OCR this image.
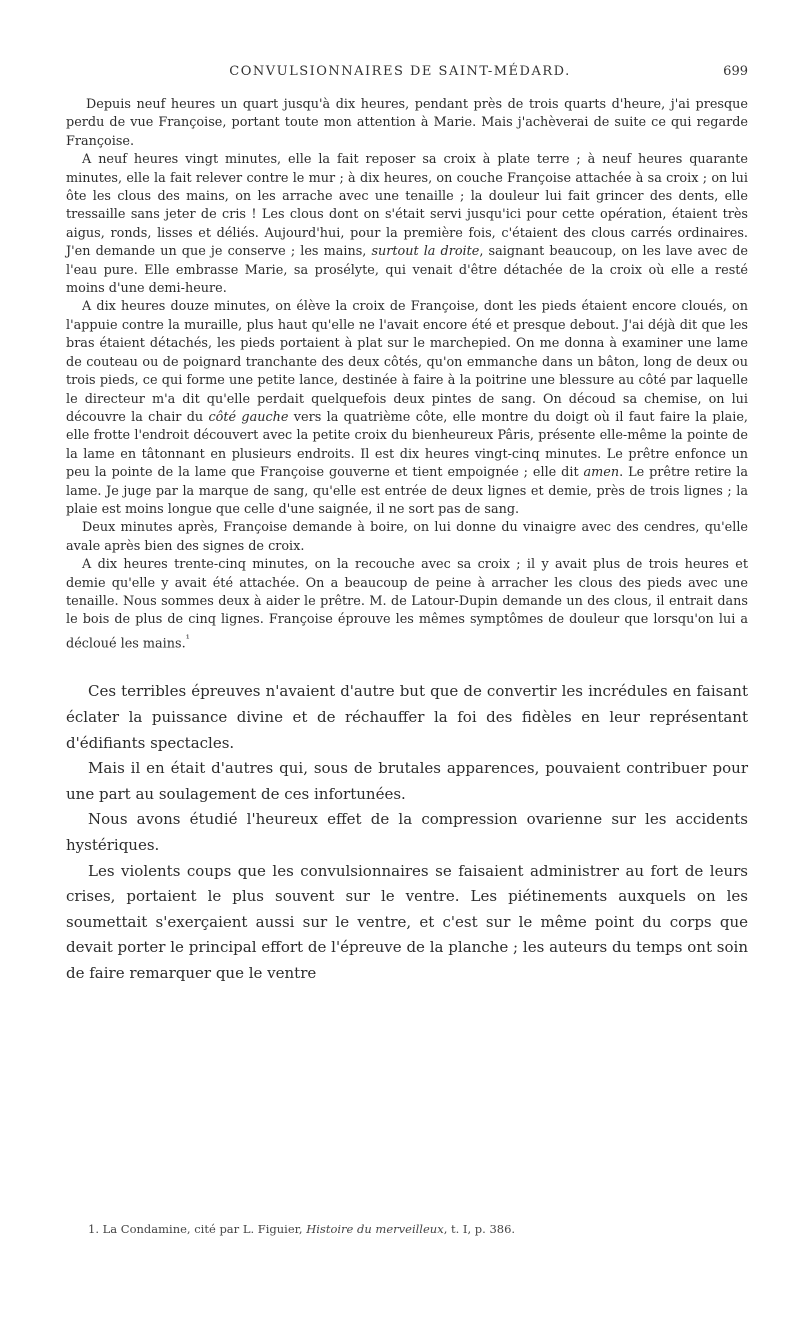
CONVULSIONNAIRES DE SAINT-MÉDARD.	699

Depuis neuf heures un quart jusqu'à dix heures, pendant près de trois quarts d'heure, j'ai presque perdu de vue Françoise, portant toute mon attention à Marie. Mais j'achèverai de suite ce qui regarde Françoise.

A neuf heures vingt minutes, elle la fait reposer sa croix à plate terre ; à neuf heures quarante minutes, elle la fait relever contre le mur ; à dix heures, on couche Françoise attachée à sa croix ; on lui ôte les clous des mains, on les arrache avec une tenaille ; la douleur lui fait grincer des dents, elle tressaille sans jeter de cris ! Les clous dont on s'était servi jusqu'ici pour cette opération, étaient très aigus, ronds, lisses et déliés. Aujourd'hui, pour la première fois, c'étaient des clous carrés ordinaires. J'en demande un que je conserve ; les mains, surtout la droite, saignant beaucoup, on les lave avec de l'eau pure. Elle embrasse Marie, sa prosélyte, qui venait d'être détachée de la croix où elle a resté moins d'une demi-heure.

A dix heures douze minutes, on élève la croix de Françoise, dont les pieds étaient encore cloués, on l'appuie contre la muraille, plus haut qu'elle ne l'avait encore été et presque debout. J'ai déjà dit que les bras étaient détachés, les pieds portaient à plat sur le marchepied. On me donna à examiner une lame de couteau ou de poignard tranchante des deux côtés, qu'on emmanche dans un bâton, long de deux ou trois pieds, ce qui forme une petite lance, destinée à faire à la poitrine une blessure au côté par laquelle le directeur m'a dit qu'elle perdait quelquefois deux pintes de sang. On découd sa chemise, on lui découvre la chair du côté gauche vers la quatrième côte, elle montre du doigt où il faut faire la plaie, elle frotte l'endroit découvert avec la petite croix du bienheureux Pâris, présente elle-même la pointe de la lame en tâtonnant en plusieurs endroits. Il est dix heures vingt-cinq minutes. Le prêtre enfonce un peu la pointe de la lame que Françoise gouverne et tient empoignée ; elle dit amen. Le prêtre retire la lame. Je juge par la marque de sang, qu'elle est entrée de deux lignes et demie, près de trois lignes ; la plaie est moins longue que celle d'une saignée, il ne sort pas de sang.

Deux minutes après, Françoise demande à boire, on lui donne du vinaigre avec des cendres, qu'elle avale après bien des signes de croix.

A dix heures trente-cinq minutes, on la recouche avec sa croix ; il y avait plus de trois heures et demie qu'elle y avait été attachée. On a beaucoup de peine à arracher les clous des pieds avec une tenaille. Nous sommes deux à aider le prêtre. M. de Latour-Dupin demande un des clous, il entrait dans le bois de plus de cinq lignes. Françoise éprouve les mêmes symptômes de douleur que lorsqu'on lui a décloué les mains.$^{^1}$

Ces terribles épreuves n'avaient d'autre but que de convertir les incrédules en faisant éclater la puissance divine et de réchauffer la foi des fidèles en leur représentant d'édifiants spectacles.

Mais il en était d'autres qui, sous de brutales apparences, pouvaient contribuer pour une part au soulagement de ces infortunées.

Nous avons étudié l'heureux effet de la compression ovarienne sur les accidents hystériques.

Les violents coups que les convulsionnaires se faisaient administrer au fort de leurs crises, portaient le plus souvent sur le ventre. Les piétinements auxquels on les soumettait s'exerçaient aussi sur le ventre, et c'est sur le même point du corps que devait porter le principal effort de l'épreuve de la planche ; les auteurs du temps ont soin de faire remarquer que le ventre

1. La Condamine, cité par L. Figuier, Histoire du merveilleux, t. I, p. 386.
